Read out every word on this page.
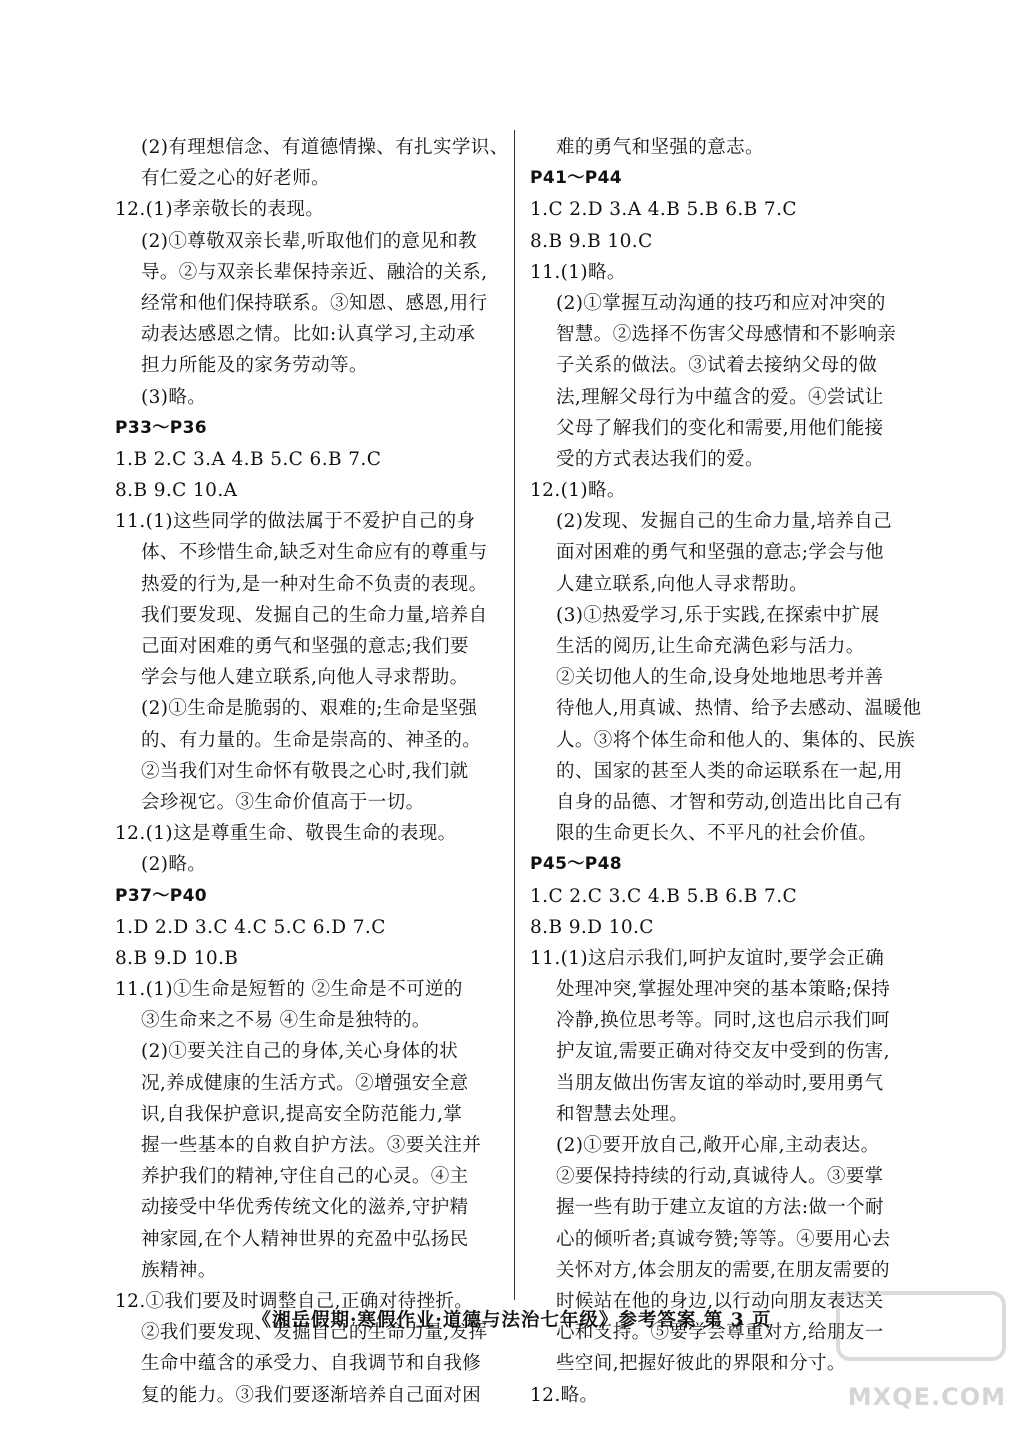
(2)有理想信念、有道德情操、有扎实学识、
有仁爱之心的好老师。
12.(1)孝亲敬长的表现。
(2)①尊敬双亲长辈,听取他们的意见和教
导。②与双亲长辈保持亲近、融洽的关系,
经常和他们保持联系。③知恩、感恩,用行
动表达感恩之情。比如:认真学习,主动承
担力所能及的家务劳动等。
(3)略。
P33～P36
1.B 2.C 3.A 4.B 5.C 6.B 7.C
8.B 9.C 10.A
11.(1)这些同学的做法属于不爱护自己的身
体、不珍惜生命,缺乏对生命应有的尊重与
热爱的行为,是一种对生命不负责的表现。
我们要发现、发掘自己的生命力量,培养自
己面对困难的勇气和坚强的意志;我们要
学会与他人建立联系,向他人寻求帮助。
(2)①生命是脆弱的、艰难的;生命是坚强
的、有力量的。生命是崇高的、神圣的。
②当我们对生命怀有敬畏之心时,我们就
会珍视它。③生命价值高于一切。
12.(1)这是尊重生命、敬畏生命的表现。
(2)略。
P37～P40
1.D 2.D 3.C 4.C 5.C 6.D 7.C
8.B 9.D 10.B
11.(1)①生命是短暂的 ②生命是不可逆的
③生命来之不易 ④生命是独特的。
(2)①要关注自己的身体,关心身体的状
况,养成健康的生活方式。②增强安全意
识,自我保护意识,提高安全防范能力,掌
握一些基本的自救自护方法。③要关注并
养护我们的精神,守住自己的心灵。④主
动接受中华优秀传统文化的滋养,守护精
神家园,在个人精神世界的充盈中弘扬民
族精神。
12.①我们要及时调整自己,正确对待挫折。
②我们要发现、发掘自己的生命力量,发挥
生命中蕴含的承受力、自我调节和自我修
复的能力。③我们要逐渐培养自己面对困
难的勇气和坚强的意志。
P41～P44
1.C 2.D 3.A 4.B 5.B 6.B 7.C
8.B 9.B 10.C
11.(1)略。
(2)①掌握互动沟通的技巧和应对冲突的
智慧。②选择不伤害父母感情和不影响亲
子关系的做法。③试着去接纳父母的做
法,理解父母行为中蕴含的爱。④尝试让
父母了解我们的变化和需要,用他们能接
受的方式表达我们的爱。
12.(1)略。
(2)发现、发掘自己的生命力量,培养自己
面对困难的勇气和坚强的意志;学会与他
人建立联系,向他人寻求帮助。
(3)①热爱学习,乐于实践,在探索中扩展
生活的阅历,让生命充满色彩与活力。
②关切他人的生命,设身处地地思考并善
待他人,用真诚、热情、给予去感动、温暖他
人。③将个体生命和他人的、集体的、民族
的、国家的甚至人类的命运联系在一起,用
自身的品德、才智和劳动,创造出比自己有
限的生命更长久、不平凡的社会价值。
P45～P48
1.C 2.C 3.C 4.B 5.B 6.B 7.C
8.B 9.D 10.C
11.(1)这启示我们,呵护友谊时,要学会正确
处理冲突,掌握处理冲突的基本策略;保持
冷静,换位思考等。同时,这也启示我们呵
护友谊,需要正确对待交友中受到的伤害,
当朋友做出伤害友谊的举动时,要用勇气
和智慧去处理。
(2)①要开放自己,敞开心扉,主动表达。
②要保持持续的行动,真诚待人。③要掌
握一些有助于建立友谊的方法:做一个耐
心的倾听者;真诚夸赞;等等。④要用心去
关怀对方,体会朋友的需要,在朋友需要的
时候站在他的身边,以行动向朋友表达关
心和支持。⑤要学会尊重对方,给朋友一
些空间,把握好彼此的界限和分寸。
12.略。
《湘岳假期·寒假作业·道德与法治七年级》参考答案 第 3 页
MXQE.COM
